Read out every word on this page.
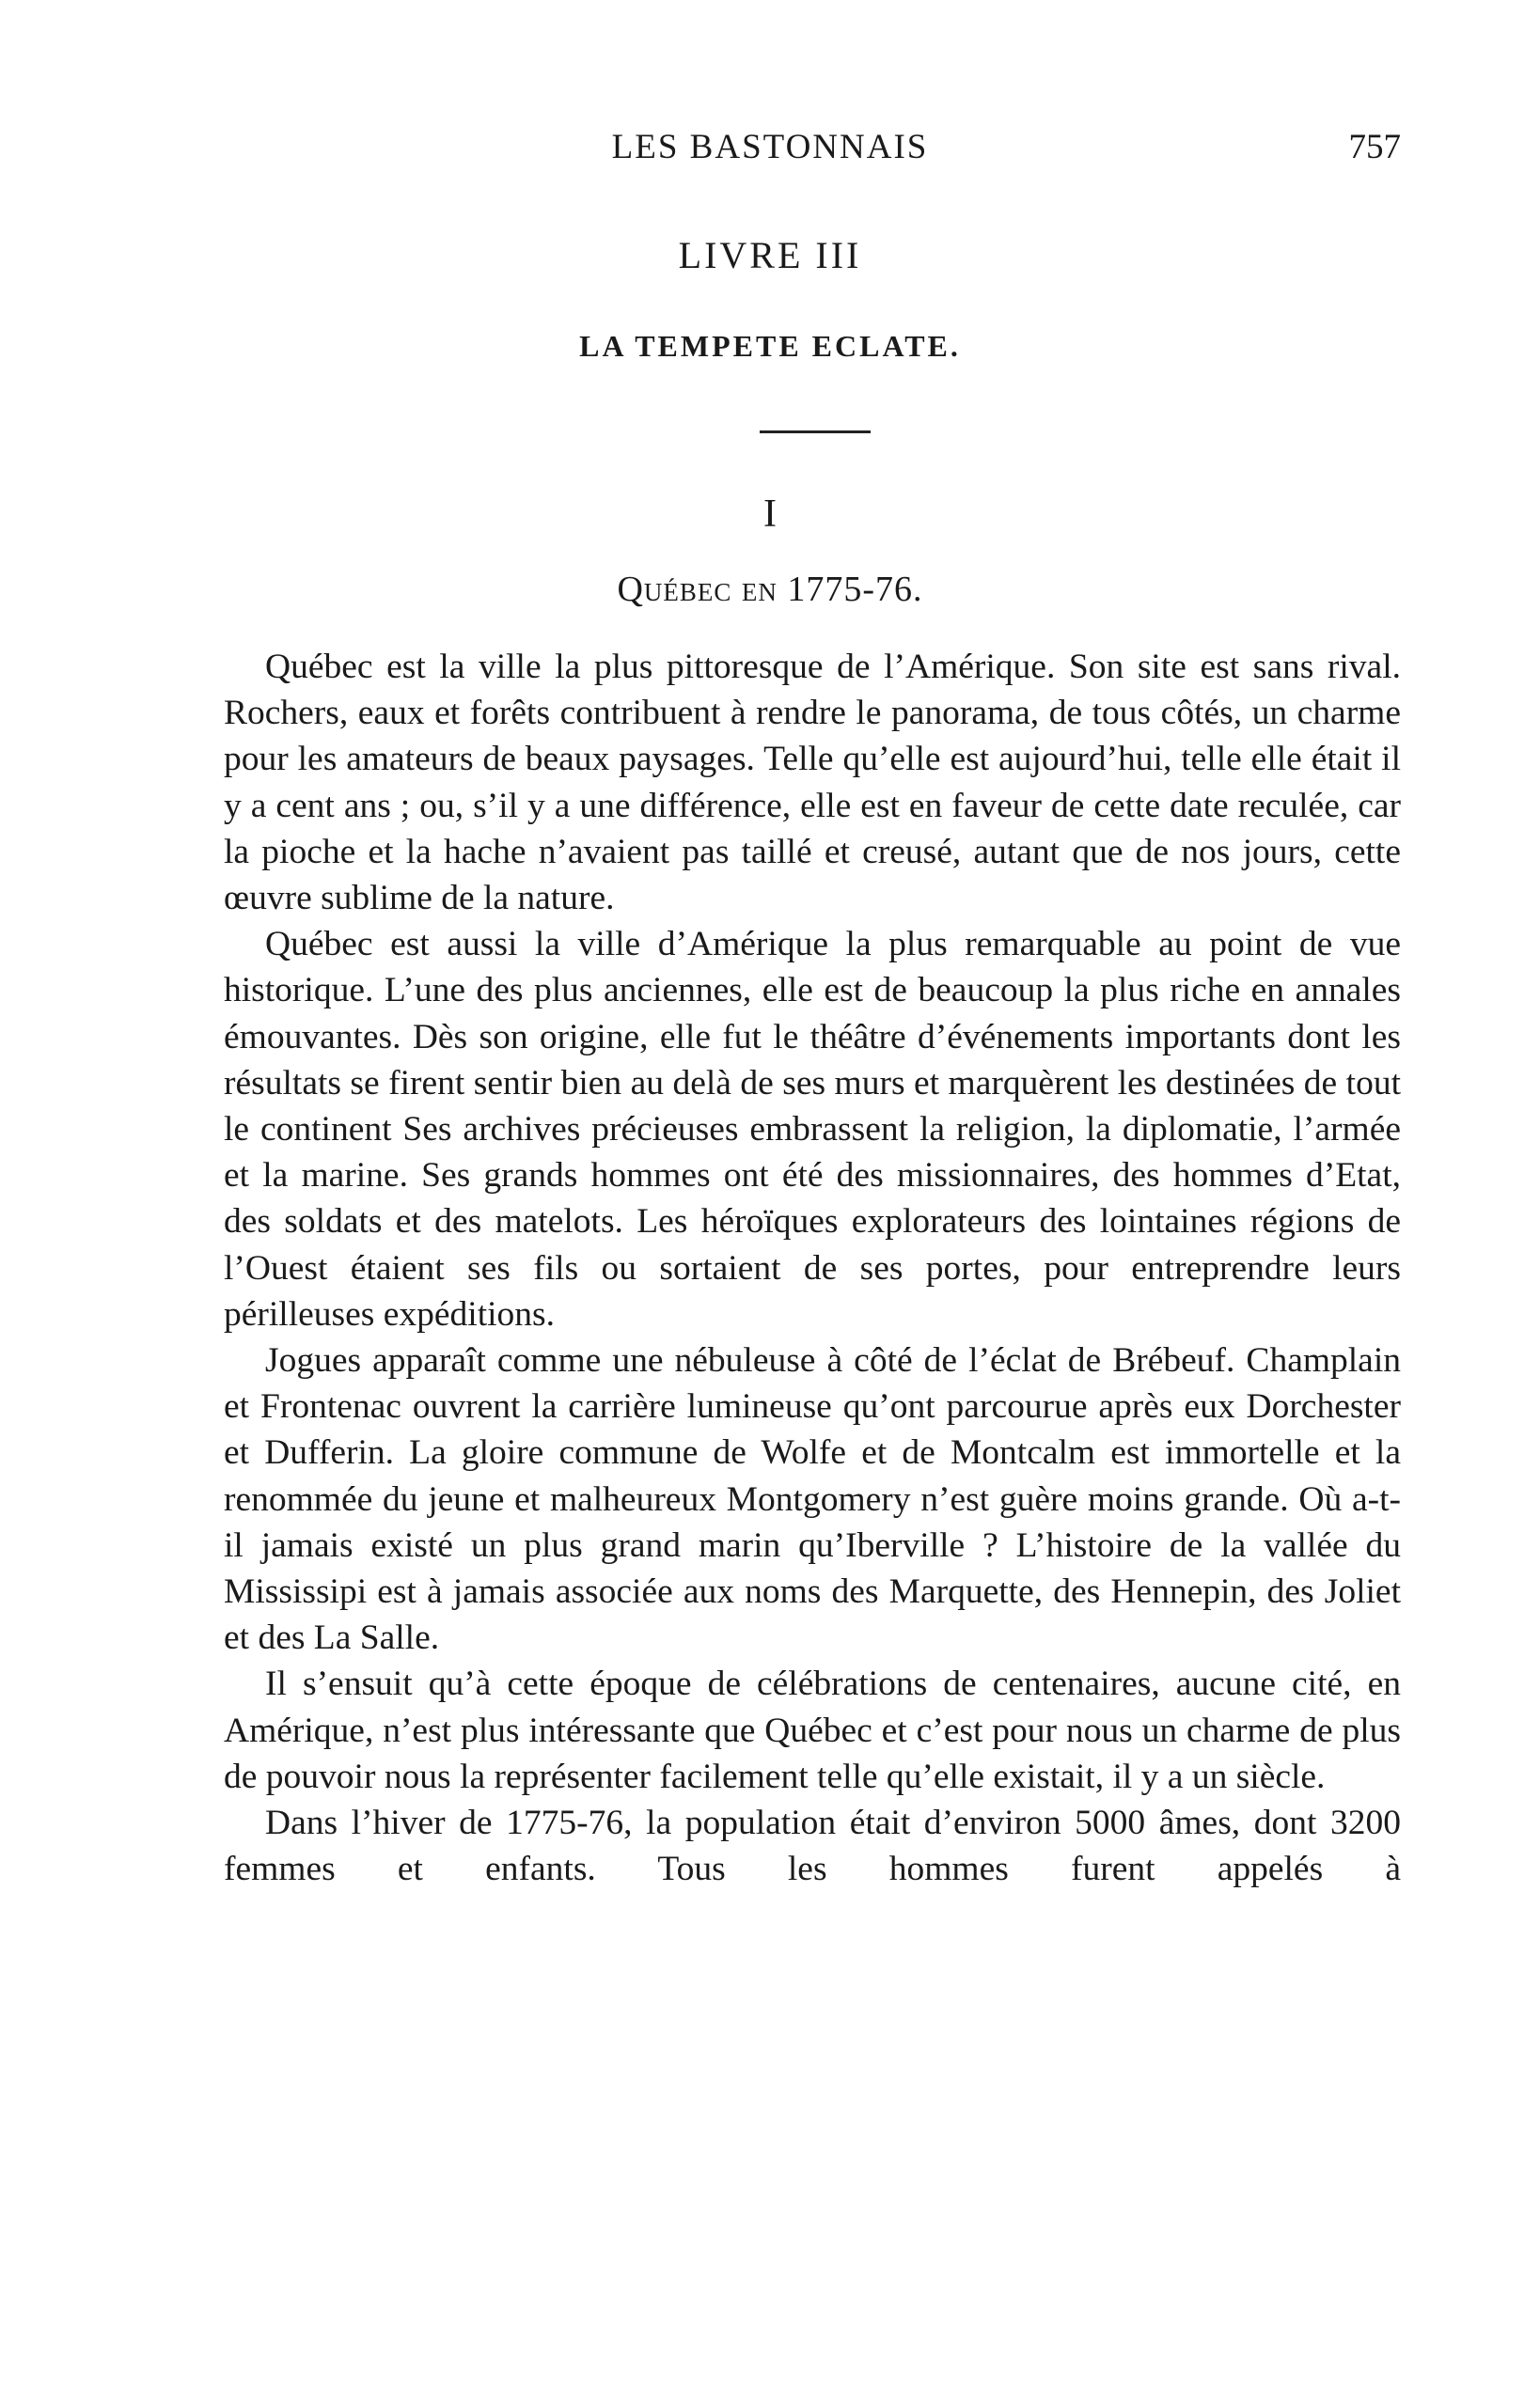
LES BASTONNAIS	757
LIVRE III
LA TEMPETE ECLATE.
I
Québec en 1775-76.

Québec est la ville la plus pittoresque de l’Amérique. Son site est sans rival. Rochers, eaux et forêts contribuent à rendre le panorama, de tous côtés, un charme pour les amateurs de beaux paysages. Telle qu’elle est aujourd’hui, telle elle était il y a cent ans ; ou, s’il y a une différence, elle est en faveur de cette date reculée, car la pioche et la hache n’avaient pas taillé et creusé, autant que de nos jours, cette œuvre sublime de la nature.

Québec est aussi la ville d’Amérique la plus remarquable au point de vue historique. L’une des plus anciennes, elle est de beaucoup la plus riche en annales émouvantes. Dès son origine, elle fut le théâtre d’événements importants dont les résultats se firent sentir bien au delà de ses murs et marquèrent les destinées de tout le continent Ses archives précieuses embrassent la religion, la diplomatie, l’armée et la marine. Ses grands hommes ont été des missionnaires, des hommes d’Etat, des soldats et des matelots. Les héroïques explorateurs des lointaines régions de l’Ouest étaient ses fils ou sortaient de ses portes, pour entreprendre leurs périlleuses expéditions.

Jogues apparaît comme une nébuleuse à côté de l’éclat de Brébeuf. Champlain et Frontenac ouvrent la carrière lumineuse qu’ont parcourue après eux Dorchester et Dufferin. La gloire commune de Wolfe et de Montcalm est immortelle et la renommée du jeune et malheureux Montgomery n’est guère moins grande. Où a-t-il jamais existé un plus grand marin qu’Iberville ? L’histoire de la vallée du Mississipi est à jamais associée aux noms des Marquette, des Hennepin, des Joliet et des La Salle.

Il s’ensuit qu’à cette époque de célébrations de centenaires, aucune cité, en Amérique, n’est plus intéressante que Québec et c’est pour nous un charme de plus de pouvoir nous la représenter facilement telle qu’elle existait, il y a un siècle.

Dans l’hiver de 1775-76, la population était d’environ 5000 âmes, dont 3200 femmes et enfants. Tous les hommes furent appelés à
